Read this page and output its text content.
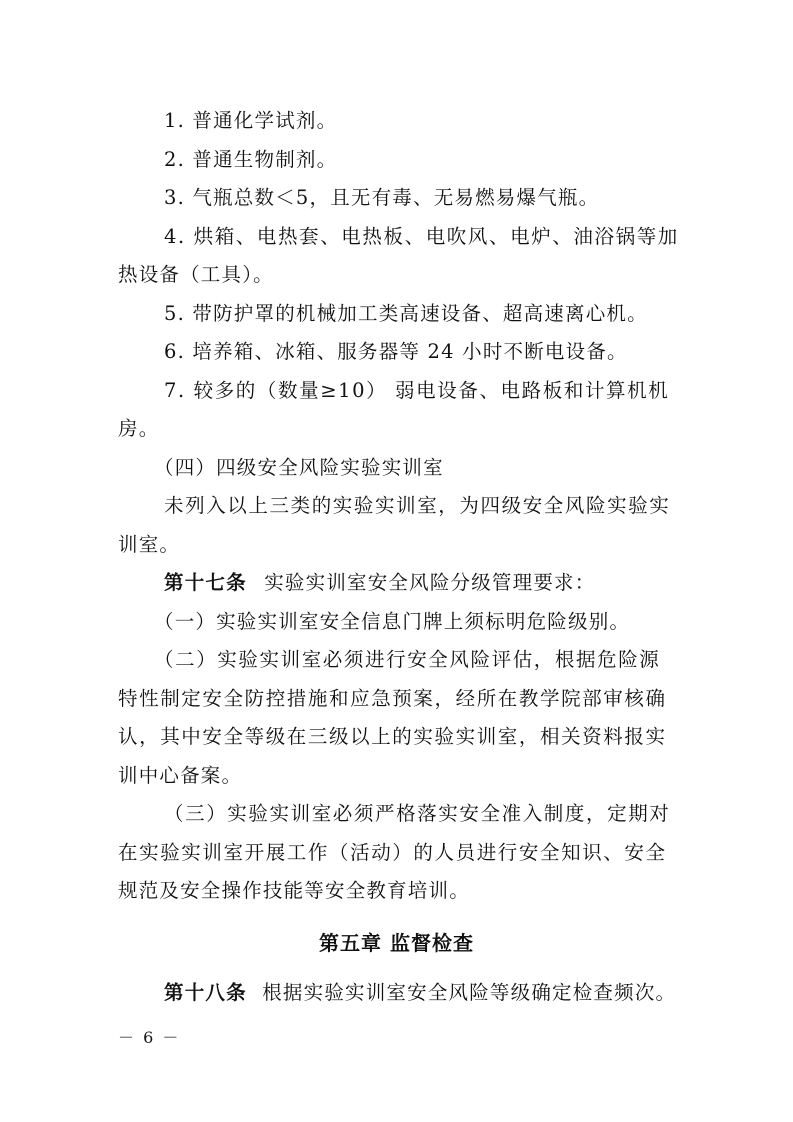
1. 普通化学试剂。
2. 普通生物制剂。
3. 气瓶总数＜5，且无有毒、无易燃易爆气瓶。
4. 烘箱、电热套、电热板、电吹风、电炉、油浴锅等加
热设备（工具）。
5. 带防护罩的机械加工类高速设备、超高速离心机。
6. 培养箱、冰箱、服务器等 24 小时不断电设备。
7. 较多的（数量≥10） 弱电设备、电路板和计算机机
房。
（四）四级安全风险实验实训室
未列入以上三类的实验实训室，为四级安全风险实验实
训室。
第十七条 实验实训室安全风险分级管理要求：
（一）实验实训室安全信息门牌上须标明危险级别。
（二）实验实训室必须进行安全风险评估，根据危险源
特性制定安全防控措施和应急预案，经所在教学院部审核确
认，其中安全等级在三级以上的实验实训室，相关资料报实
训中心备案。
（三）实验实训室必须严格落实安全准入制度，定期对
在实验实训室开展工作（活动）的人员进行安全知识、安全
规范及安全操作技能等安全教育培训。
第五章 监督检查
第十八条 根据实验实训室安全风险等级确定检查频次。
－ 6 －
